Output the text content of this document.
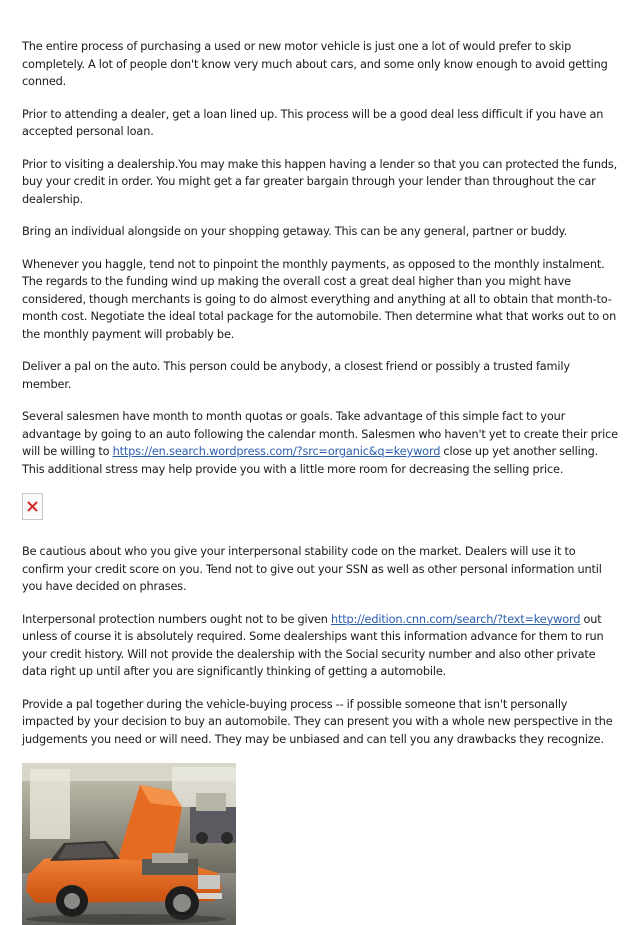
The entire process of purchasing a used or new motor vehicle is just one a lot of would prefer to skip completely. A lot of people don't know very much about cars, and some only know enough to avoid getting conned.

Prior to attending a dealer, get a loan lined up. This process will be a good deal less difficult if you have an accepted personal loan.

Prior to visiting a dealership.You may make this happen having a lender so that you can protected the funds, buy your credit in order. You might get a far greater bargain through your lender than throughout the car dealership.

Bring an individual alongside on your shopping getaway. This can be any general, partner or buddy.

Whenever you haggle, tend not to pinpoint the monthly payments, as opposed to the monthly instalment. The regards to the funding wind up making the overall cost a great deal higher than you might have considered, though merchants is going to do almost everything and anything at all to obtain that month-to-month cost. Negotiate the ideal total package for the automobile. Then determine what that works out to on the monthly payment will probably be.

Deliver a pal on the auto. This person could be anybody, a closest friend or possibly a trusted family member.

Several salesmen have month to month quotas or goals. Take advantage of this simple fact to your advantage by going to an auto following the calendar month. Salesmen who haven't yet to create their price will be willing to https://en.search.wordpress.com/?src=organic&q=keyword close up yet another selling. This additional stress may help provide you with a little more room for decreasing the selling price.

Be cautious about who you give your interpersonal stability code on the market. Dealers will use it to confirm your credit score on you. Tend not to give out your SSN as well as other personal information until you have decided on phrases.

Interpersonal protection numbers ought not to be given http://edition.cnn.com/search/?text=keyword out unless of course it is absolutely required. Some dealerships want this information advance for them to run your credit history. Will not provide the dealership with the Social security number and also other private data right up until after you are significantly thinking of getting a automobile.

Provide a pal together during the vehicle-buying process -- if possible someone that isn't personally impacted by your decision to buy an automobile. They can present you with a whole new perspective in the judgements you need or will need. They may be unbiased and can tell you any drawbacks they recognize.
